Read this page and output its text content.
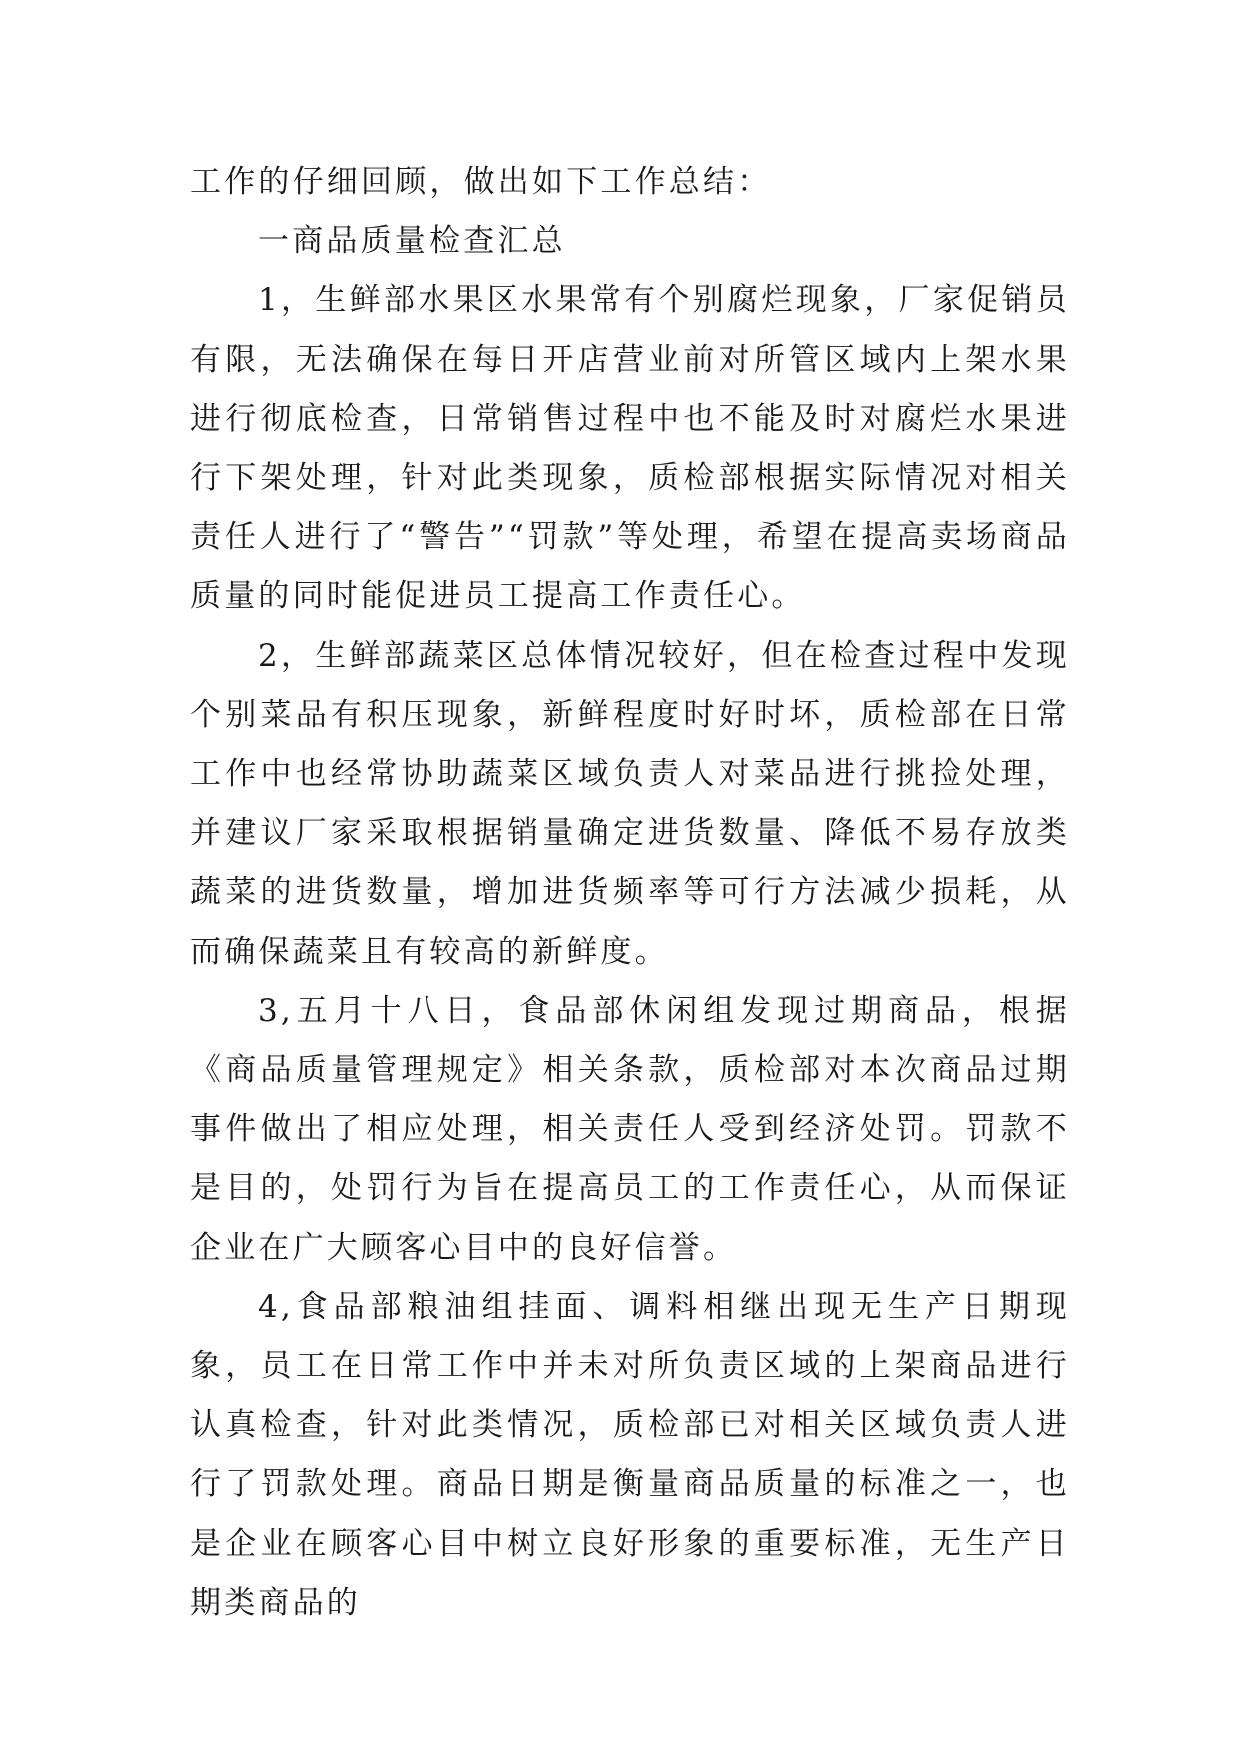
工作的仔细回顾，做出如下工作总结：

一商品质量检查汇总

1，生鲜部水果区水果常有个别腐烂现象，厂家促销员有限，无法确保在每日开店营业前对所管区域内上架水果进行彻底检查，日常销售过程中也不能及时对腐烂水果进行下架处理，针对此类现象，质检部根据实际情况对相关责任人进行了“警告”“罚款”等处理，希望在提高卖场商品质量的同时能促进员工提高工作责任心。

2，生鲜部蔬菜区总体情况较好，但在检查过程中发现个别菜品有积压现象，新鲜程度时好时坏，质检部在日常工作中也经常协助蔬菜区域负责人对菜品进行挑捡处理，并建议厂家采取根据销量确定进货数量、降低不易存放类蔬菜的进货数量，增加进货频率等可行方法减少损耗，从而确保蔬菜且有较高的新鲜度。

3,五月十八日，食品部休闲组发现过期商品，根据《商品质量管理规定》相关条款，质检部对本次商品过期事件做出了相应处理，相关责任人受到经济处罚。罚款不是目的，处罚行为旨在提高员工的工作责任心，从而保证企业在广大顾客心目中的良好信誉。

4,食品部粮油组挂面、调料相继出现无生产日期现象，员工在日常工作中并未对所负责区域的上架商品进行认真检查，针对此类情况，质检部已对相关区域负责人进行了罚款处理。商品日期是衡量商品质量的标准之一，也是企业在顾客心目中树立良好形象的重要标准，无生产日期类商品的
